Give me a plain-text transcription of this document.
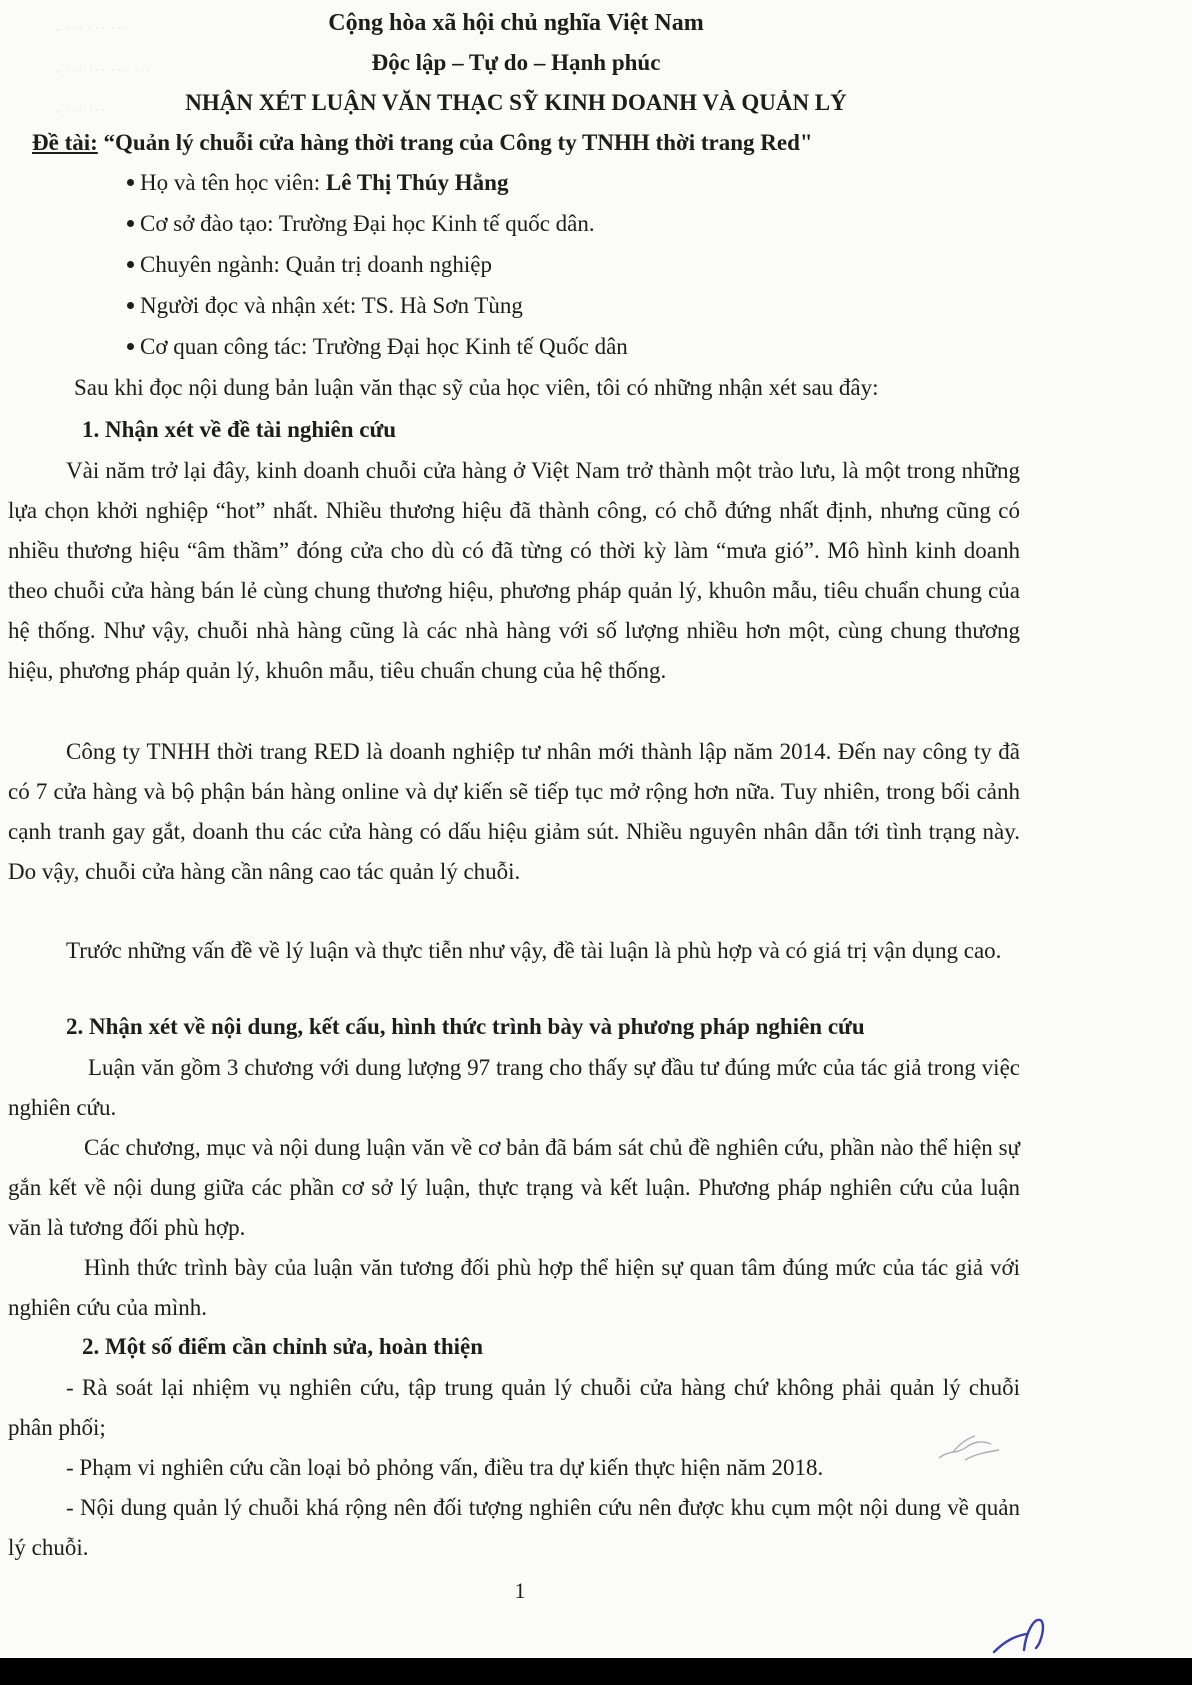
- ··· ··· ···
- ··· ··· ··· ···
- ··· ···
Cộng hòa xã hội chủ nghĩa Việt Nam
Độc lập – Tự do – Hạnh phúc
NHẬN XÉT LUẬN VĂN THẠC SỸ KINH DOANH VÀ QUẢN LÝ
Đề tài: “Quản lý chuỗi cửa hàng thời trang của Công ty TNHH thời trang Red"
Họ và tên học viên: Lê Thị Thúy Hằng
Cơ sở đào tạo: Trường Đại học Kinh tế quốc dân.
Chuyên ngành: Quản trị doanh nghiệp
Người đọc và nhận xét: TS. Hà Sơn Tùng
Cơ quan công tác: Trường Đại học Kinh tế Quốc dân
Sau khi đọc nội dung bản luận văn thạc sỹ của học viên, tôi có những nhận xét sau đây:
1. Nhận xét về đề tài nghiên cứu
Vài năm trở lại đây, kinh doanh chuỗi cửa hàng ở Việt Nam trở thành một trào lưu, là một trong những lựa chọn khởi nghiệp “hot” nhất. Nhiều thương hiệu đã thành công, có chỗ đứng nhất định, nhưng cũng có nhiều thương hiệu “âm thầm” đóng cửa cho dù có đã từng có thời kỳ làm “mưa gió”. Mô hình kinh doanh theo chuỗi cửa hàng bán lẻ cùng chung thương hiệu, phương pháp quản lý, khuôn mẫu, tiêu chuẩn chung của hệ thống. Như vậy, chuỗi nhà hàng cũng là các nhà hàng với số lượng nhiều hơn một, cùng chung thương hiệu, phương pháp quản lý, khuôn mẫu, tiêu chuẩn chung của hệ thống.
Công ty TNHH thời trang RED là doanh nghiệp tư nhân mới thành lập năm 2014. Đến nay công ty đã có 7 cửa hàng và bộ phận bán hàng online và dự kiến sẽ tiếp tục mở rộng hơn nữa. Tuy nhiên, trong bối cảnh cạnh tranh gay gắt, doanh thu các cửa hàng có dấu hiệu giảm sút. Nhiều nguyên nhân dẫn tới tình trạng này. Do vậy, chuỗi cửa hàng cần nâng cao tác quản lý chuỗi.
Trước những vấn đề về lý luận và thực tiễn như vậy, đề tài luận là phù hợp và có giá trị vận dụng cao.
2. Nhận xét về nội dung, kết cấu, hình thức trình bày và phương pháp nghiên cứu
Luận văn gồm 3 chương với dung lượng 97 trang cho thấy sự đầu tư đúng mức của tác giả trong việc nghiên cứu.
Các chương, mục và nội dung luận văn về cơ bản đã bám sát chủ đề nghiên cứu, phần nào thể hiện sự gắn kết về nội dung giữa các phần cơ sở lý luận, thực trạng và kết luận. Phương pháp nghiên cứu của luận văn là tương đối phù hợp.
Hình thức trình bày của luận văn tương đối phù hợp thể hiện sự quan tâm đúng mức của tác giả với nghiên cứu của mình.
2. Một số điểm cần chỉnh sửa, hoàn thiện
- Rà soát lại nhiệm vụ nghiên cứu, tập trung quản lý chuỗi cửa hàng chứ không phải quản lý chuỗi phân phối;
- Phạm vi nghiên cứu cần loại bỏ phỏng vấn, điều tra dự kiến thực hiện năm 2018.
- Nội dung quản lý chuỗi khá rộng nên đối tượng nghiên cứu nên được khu cụm một nội dung về quản lý chuỗi.
1
